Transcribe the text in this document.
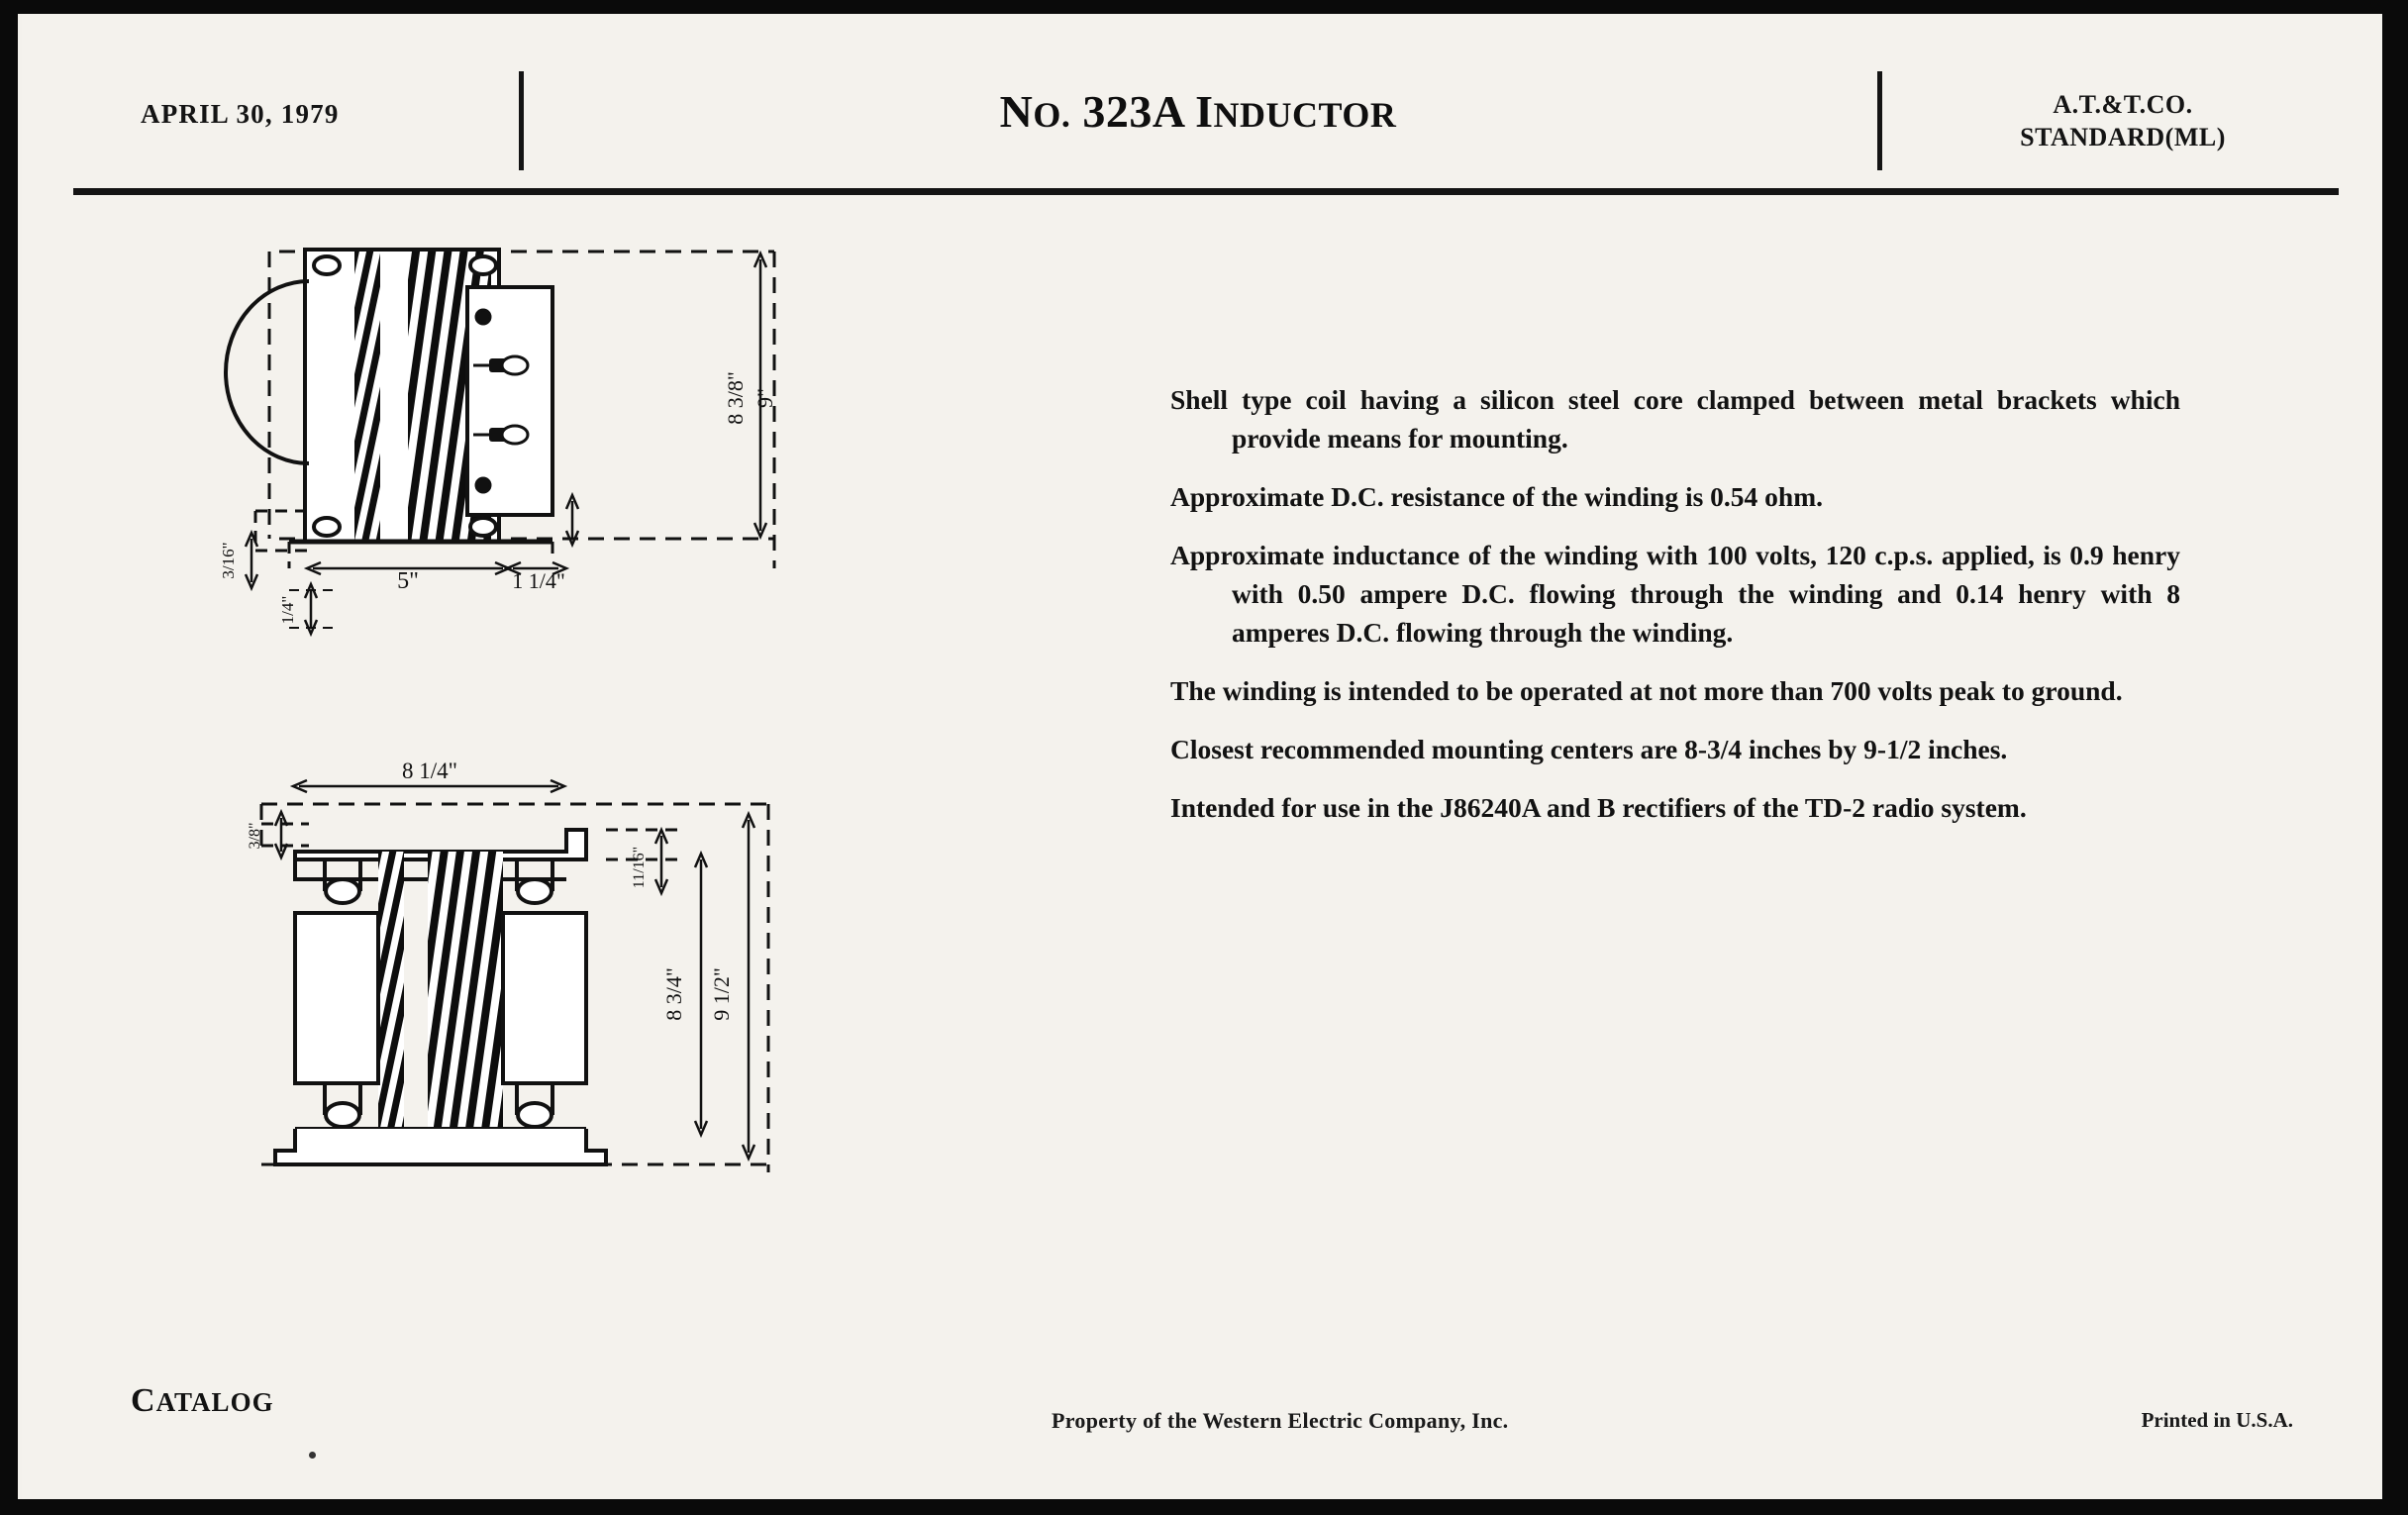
APRIL 30, 1979	NO. 323A INDUCTOR	A.T.&T.CO.
STANDARD(ML)
8 3/8" 9"
5"	1 1/4"
3/16"
1/4"
8 1/4"
3/8"
11/16"
9 1/2"
8 3/4"
Shell type coil having a silicon steel core clamped between metal brackets which provide means for mounting.
Approximate D.C. resistance of the winding is 0.54 ohm.
Approximate inductance of the winding with 100 volts, 120 c.p.s. applied, is 0.9 henry with 0.50 ampere D.C. flowing through the winding and 0.14 henry with 8 amperes D.C. flowing through the winding.
The winding is intended to be operated at not more than 700 volts peak to ground.
Closest recommended mounting centers are 8-3/4 inches by 9-1/2 inches.
Intended for use in the J86240A and B rectifiers of the TD-2 radio system.
CATALOG
Property of the Western Electric Company, Inc.	Printed in U.S.A.
